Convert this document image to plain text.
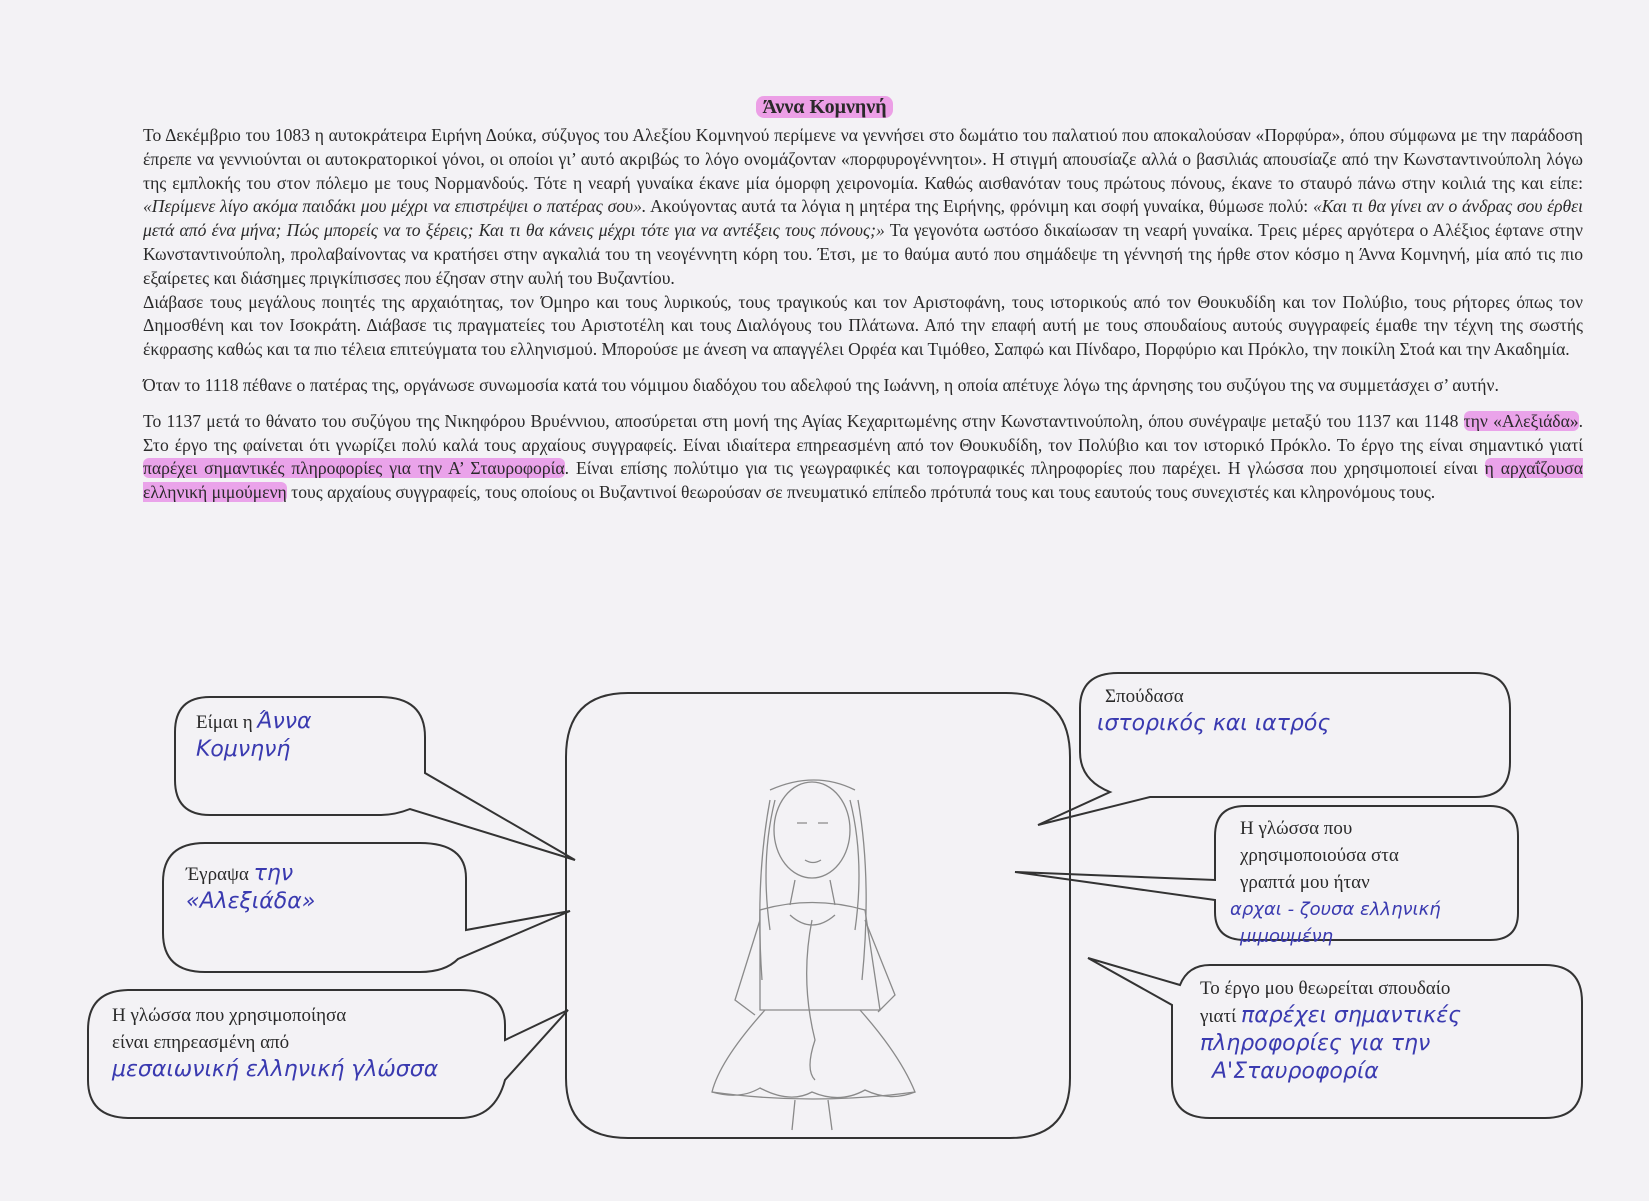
Άννα Κομνηνή

Το Δεκέμβριο του 1083 η αυτοκράτειρα Ειρήνη Δούκα, σύζυγος του Αλεξίου Κομνηνού περίμενε να γεννήσει στο δωμάτιο του παλατιού που αποκαλούσαν «Πορφύρα», όπου σύμφωνα με την παράδοση έπρεπε να γεννιούνται οι αυτοκρατορικοί γόνοι, οι οποίοι γι’ αυτό ακριβώς το λόγο ονομάζονταν «πορφυρογέννητοι». Η στιγμή απουσίαζε αλλά ο βασιλιάς απουσίαζε από την Κωνσταντινούπολη λόγω της εμπλοκής του στον πόλεμο με τους Νορμανδούς. Τότε η νεαρή γυναίκα έκανε μία όμορφη χειρονομία. Καθώς αισθανόταν τους πρώτους πόνους, έκανε το σταυρό πάνω στην κοιλιά της και είπε: «Περίμενε λίγο ακόμα παιδάκι μου μέχρι να επιστρέψει ο πατέρας σου». Ακούγοντας αυτά τα λόγια η μητέρα της Ειρήνης, φρόνιμη και σοφή γυναίκα, θύμωσε πολύ: «Και τι θα γίνει αν ο άνδρας σου έρθει μετά από ένα μήνα; Πώς μπορείς να το ξέρεις; Και τι θα κάνεις μέχρι τότε για να αντέξεις τους πόνους;» Τα γεγονότα ωστόσο δικαίωσαν τη νεαρή γυναίκα. Τρεις μέρες αργότερα ο Αλέξιος έφτανε στην Κωνσταντινούπολη, προλαβαίνοντας να κρατήσει στην αγκαλιά του τη νεογέννητη κόρη του. Έτσι, με το θαύμα αυτό που σημάδεψε τη γέννησή της ήρθε στον κόσμο η Άννα Κομνηνή, μία από τις πιο εξαίρετες και διάσημες πριγκίπισσες που έζησαν στην αυλή του Βυζαντίου.

Διάβασε τους μεγάλους ποιητές της αρχαιότητας, τον Όμηρο και τους λυρικούς, τους τραγικούς και τον Αριστοφάνη, τους ιστορικούς από τον Θουκυδίδη και τον Πολύβιο, τους ρήτορες όπως τον Δημοσθένη και τον Ισοκράτη. Διάβασε τις πραγματείες του Αριστοτέλη και τους Διαλόγους του Πλάτωνα. Από την επαφή αυτή με τους σπουδαίους αυτούς συγγραφείς έμαθε την τέχνη της σωστής έκφρασης καθώς και τα πιο τέλεια επιτεύγματα του ελληνισμού. Μπορούσε με άνεση να απαγγέλει Ορφέα και Τιμόθεο, Σαπφώ και Πίνδαρο, Πορφύριο και Πρόκλο, την ποικίλη Στοά και την Ακαδημία.

Όταν το 1118 πέθανε ο πατέρας της, οργάνωσε συνωμοσία κατά του νόμιμου διαδόχου του αδελφού της Ιωάννη, η οποία απέτυχε λόγω της άρνησης του συζύγου της να συμμετάσχει σ’ αυτήν.

Το 1137 μετά το θάνατο του συζύγου της Νικηφόρου Βρυέννιου, αποσύρεται στη μονή της Αγίας Κεχαριτωμένης στην Κωνσταντινούπολη, όπου συνέγραψε μεταξύ του 1137 και 1148 την «Αλεξιάδα». Στο έργο της φαίνεται ότι γνωρίζει πολύ καλά τους αρχαίους συγγραφείς. Είναι ιδιαίτερα επηρεασμένη από τον Θουκυδίδη, τον Πολύβιο και τον ιστορικό Πρόκλο. Το έργο της είναι σημαντικό γιατί παρέχει σημαντικές πληροφορίες για την Α’ Σταυροφορία. Είναι επίσης πολύτιμο για τις γεωγραφικές και τοπογραφικές πληροφορίες που παρέχει. Η γλώσσα που χρησιμοποιεί είναι η αρχαΐζουσα ελληνική μιμούμενη τους αρχαίους συγγραφείς, τους οποίους οι Βυζαντινοί θεωρούσαν σε πνευματικό επίπεδο πρότυπά τους και τους εαυτούς τους συνεχιστές και κληρονόμους τους.

Είμαι η Άννα
Κομνηνή
Έγραψα την
«Αλεξιάδα»
Η γλώσσα που χρησιμοποίησα
είναι επηρεασμένη από
μεσαιωνική ελληνική γλώσσα
Σπούδασα
ιστορικός και ιατρός
Η γλώσσα που
χρησιμοποιούσα στα
γραπτά μου ήταν
αρχαι - ζουσα ελληνική
μιμουμένη
Το έργο μου θεωρείται σπουδαίο
γιατί παρέχει σημαντικές
πληροφορίες για την
Α'Σταυροφορία
